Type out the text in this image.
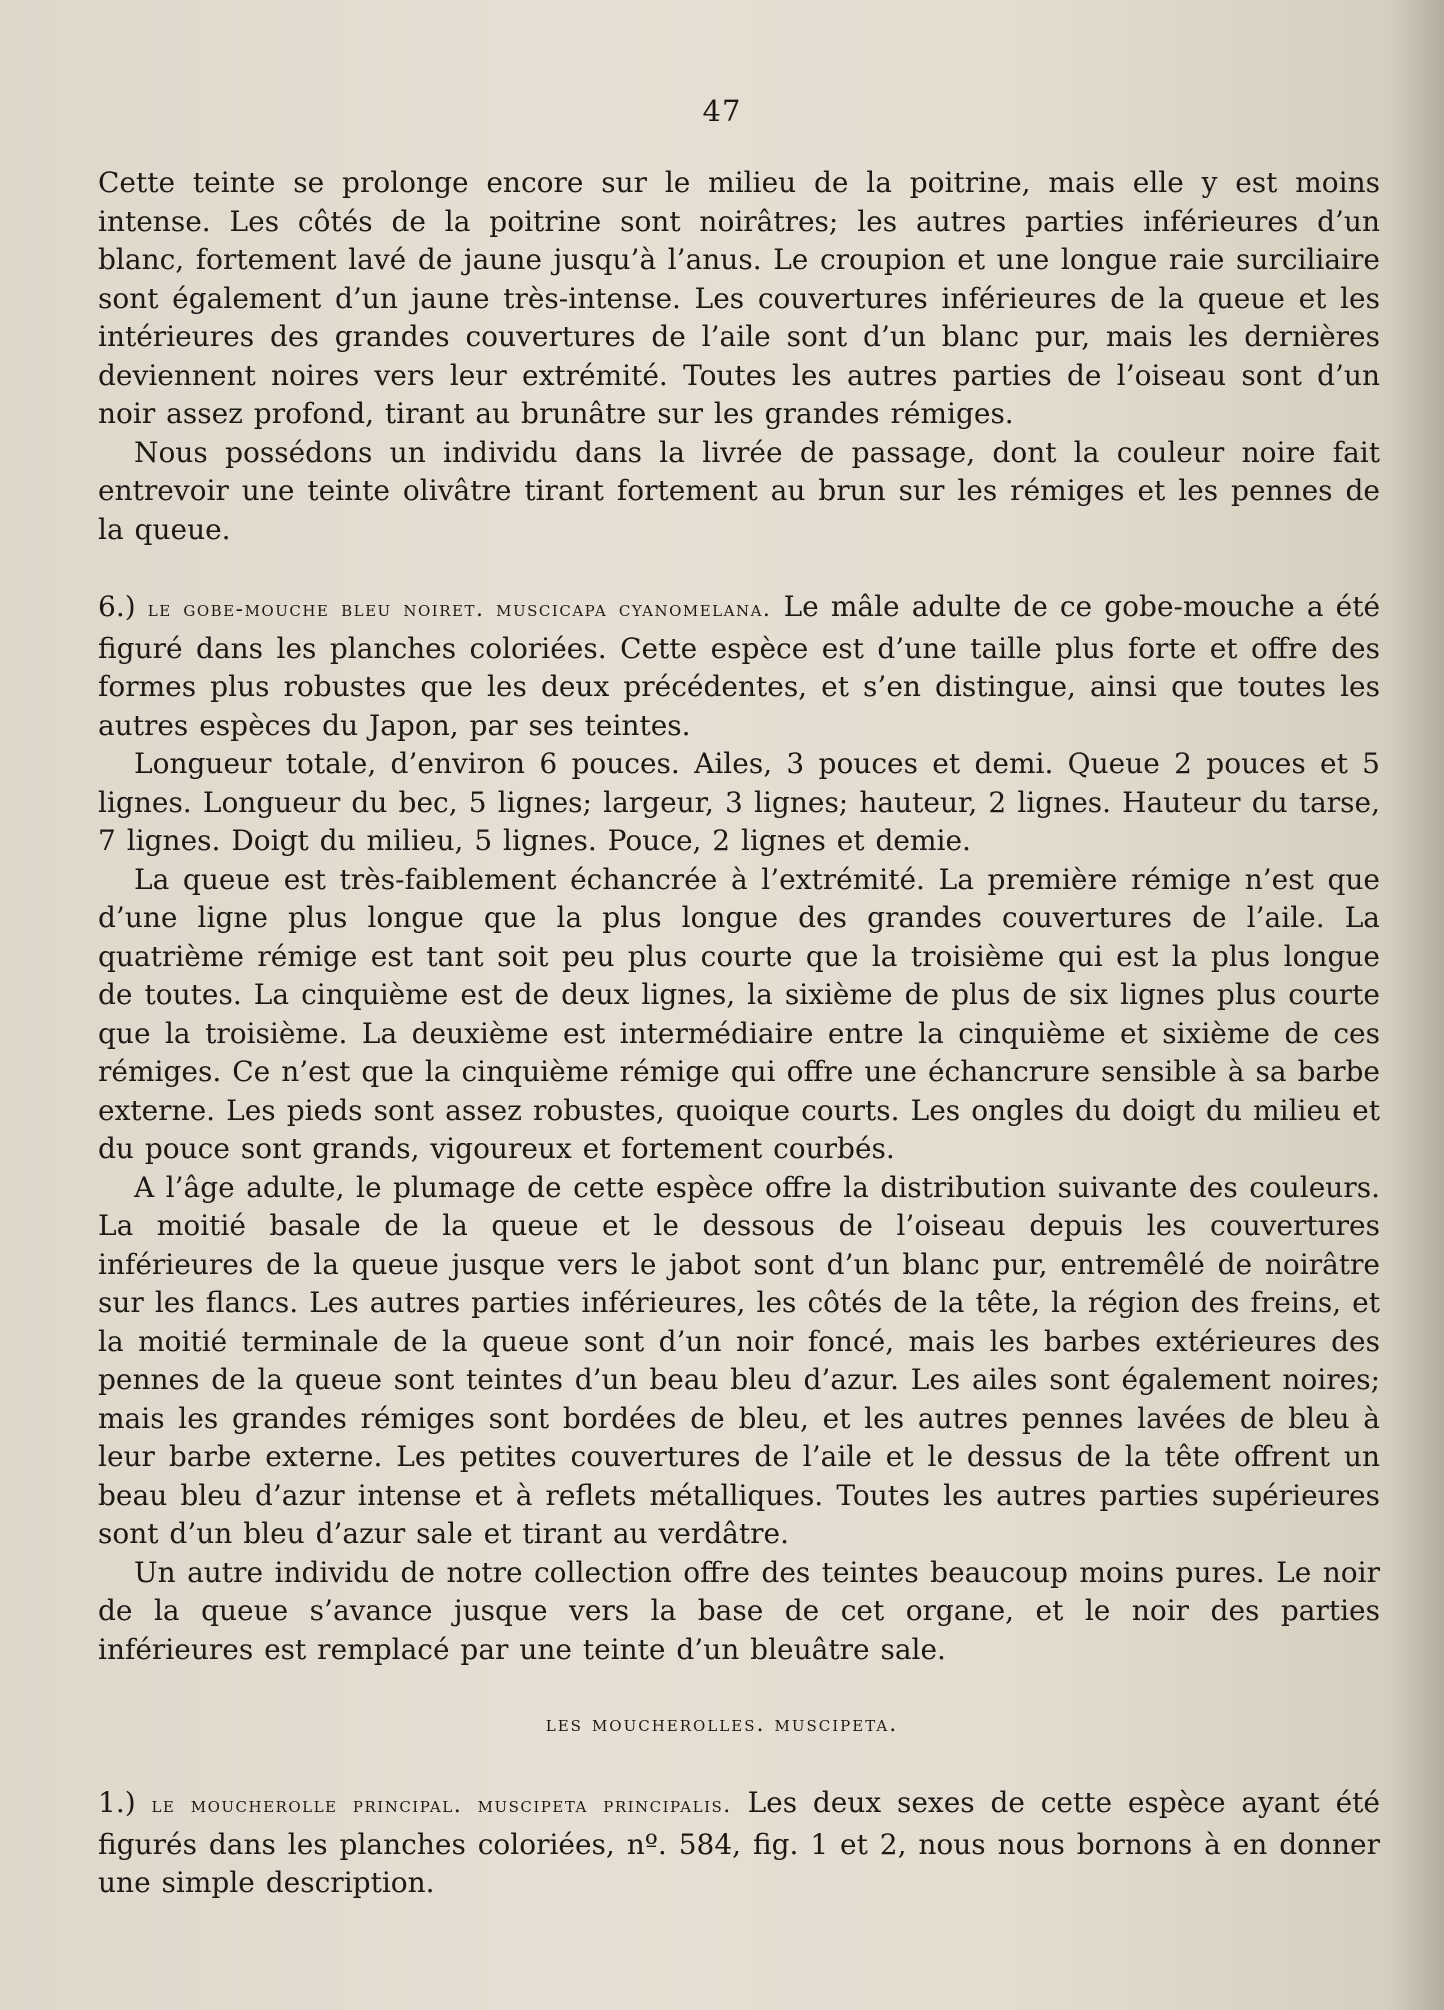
47

Cette teinte se prolonge encore sur le milieu de la poitrine, mais elle y est moins intense. Les côtés de la poitrine sont noirâtres; les autres parties inférieures d’un blanc, fortement lavé de jaune jusqu’à l’anus. Le croupion et une longue raie surciliaire sont également d’un jaune très-intense. Les couvertures inférieures de la queue et les intérieures des grandes couvertures de l’aile sont d’un blanc pur, mais les dernières deviennent noires vers leur extrémité. Toutes les autres parties de l’oiseau sont d’un noir assez profond, tirant au brunâtre sur les grandes rémiges.

Nous possédons un individu dans la livrée de passage, dont la couleur noire fait entrevoir une teinte olivâtre tirant fortement au brun sur les rémiges et les pennes de la queue.

6.) le gobe-mouche bleu noiret. muscicapa cyanomelana. Le mâle adulte de ce gobe-mouche a été figuré dans les planches coloriées. Cette espèce est d’une taille plus forte et offre des formes plus robustes que les deux précédentes, et s’en distingue, ainsi que toutes les autres espèces du Japon, par ses teintes.

Longueur totale, d’environ 6 pouces. Ailes, 3 pouces et demi. Queue 2 pouces et 5 lignes. Longueur du bec, 5 lignes; largeur, 3 lignes; hauteur, 2 lignes. Hauteur du tarse, 7 lignes. Doigt du milieu, 5 lignes. Pouce, 2 lignes et demie.

La queue est très-faiblement échancrée à l’extrémité. La première rémige n’est que d’une ligne plus longue que la plus longue des grandes couvertures de l’aile. La quatrième rémige est tant soit peu plus courte que la troisième qui est la plus longue de toutes. La cinquième est de deux lignes, la sixième de plus de six lignes plus courte que la troisième. La deuxième est intermédiaire entre la cinquième et sixième de ces rémiges. Ce n’est que la cinquième rémige qui offre une échancrure sensible à sa barbe externe. Les pieds sont assez robustes, quoique courts. Les ongles du doigt du milieu et du pouce sont grands, vigoureux et fortement courbés.

A l’âge adulte, le plumage de cette espèce offre la distribution suivante des couleurs. La moitié basale de la queue et le dessous de l’oiseau depuis les couvertures inférieures de la queue jusque vers le jabot sont d’un blanc pur, entremêlé de noirâtre sur les flancs. Les autres parties inférieures, les côtés de la tête, la région des freins, et la moitié terminale de la queue sont d’un noir foncé, mais les barbes extérieures des pennes de la queue sont teintes d’un beau bleu d’azur. Les ailes sont également noires; mais les grandes rémiges sont bordées de bleu, et les autres pennes lavées de bleu à leur barbe externe. Les petites couvertures de l’aile et le dessus de la tête offrent un beau bleu d’azur intense et à reflets métalliques. Toutes les autres parties supérieures sont d’un bleu d’azur sale et tirant au verdâtre.

Un autre individu de notre collection offre des teintes beaucoup moins pures. Le noir de la queue s’avance jusque vers la base de cet organe, et le noir des parties inférieures est remplacé par une teinte d’un bleuâtre sale.

les moucherolles. muscipeta.

1.) le moucherolle principal. muscipeta principalis. Les deux sexes de cette espèce ayant été figurés dans les planches coloriées, nº. 584, fig. 1 et 2, nous nous bornons à en donner une simple description.
